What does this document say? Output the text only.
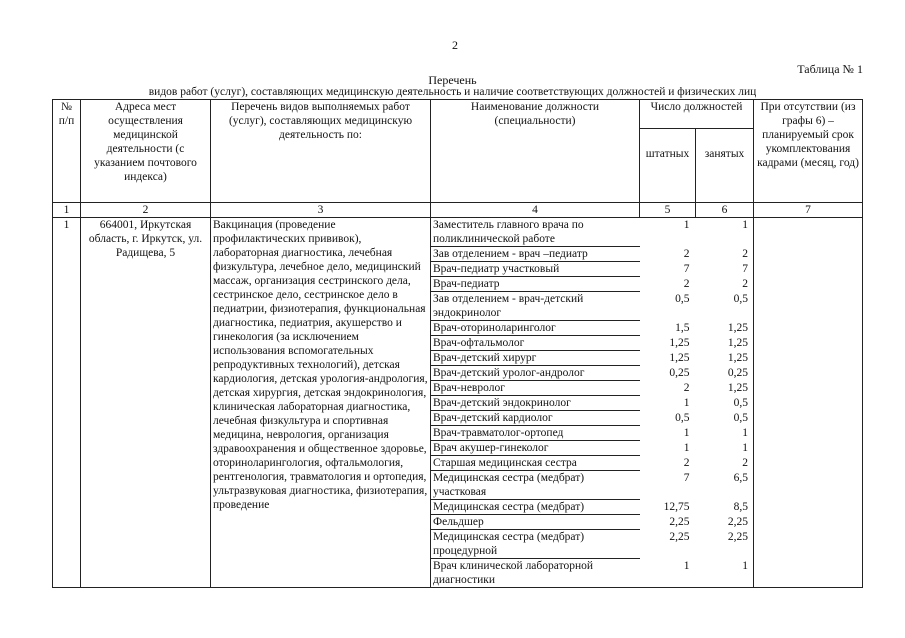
2
Таблица № 1
Перечень
видов работ (услуг), составляющих медицинскую деятельность и наличие соответствующих должностей и физических лиц
№ п/п	Адреса мест осуществления медицинской деятельности (с указанием почтового индекса)	Перечень видов выполняемых работ (услуг), составляющих медицинскую деятельность по:	Наименование должности (специальности)	Число должностей		При отсутствии (из графы 6) – планируемый срок укомплектования кадрами (месяц, год)
				штатных	занятых	
1	2	3	4	5	6	7
1	664001, Иркутская область, г. Иркутск, ул. Радищева, 5	Вакцинация (проведение профилактических прививок), лабораторная диагностика, лечебная физкультура, лечебное дело, медицинский массаж, организация сестринского дела, сестринское дело, сестринское дело в педиатрии, физиотерапия, функциональная диагностика, педиатрия, акушерство и гинекология (за исключением использования вспомогательных репродуктивных технологий), детская кардиология, детская урология-андрология, детская хирургия, детская эндокринология, клиническая лабораторная диагностика, лечебная физкультура и спортивная медицина, неврология, организация здравоохранения и общественное здоровье, оториноларингология, офтальмология, рентгенология, травматология и ортопедия, ультразвуковая диагностика, физиотерапия, проведение	Заместитель главного врача по поликлинической работе	1	1	
			Зав отделением - врач –педиатр	2	2	
			Врач-педиатр участковый	7	7	
			Врач-педиатр	2	2	
			Зав отделением - врач-детский эндокринолог	0,5	0,5	
			Врач-оториноларинголог	1,5	1,25	
			Врач-офтальмолог	1,25	1,25	
			Врач-детский хирург	1,25	1,25	
			Врач-детский уролог-андролог	0,25	0,25	
			Врач-невролог	2	1,25	
			Врач-детский эндокринолог	1	0,5	
			Врач-детский кардиолог	0,5	0,5	
			Врач-травматолог-ортопед	1	1	
			Врач акушер-гинеколог	1	1	
			Старшая медицинская сестра	2	2	
			Медицинская сестра (медбрат) участковая	7	6,5	
			Медицинская сестра (медбрат)	12,75	8,5	
			Фельдшер	2,25	2,25	
			Медицинская сестра (медбрат) процедурной	2,25	2,25	
			Врач клинической лабораторной диагностики	1	1	
